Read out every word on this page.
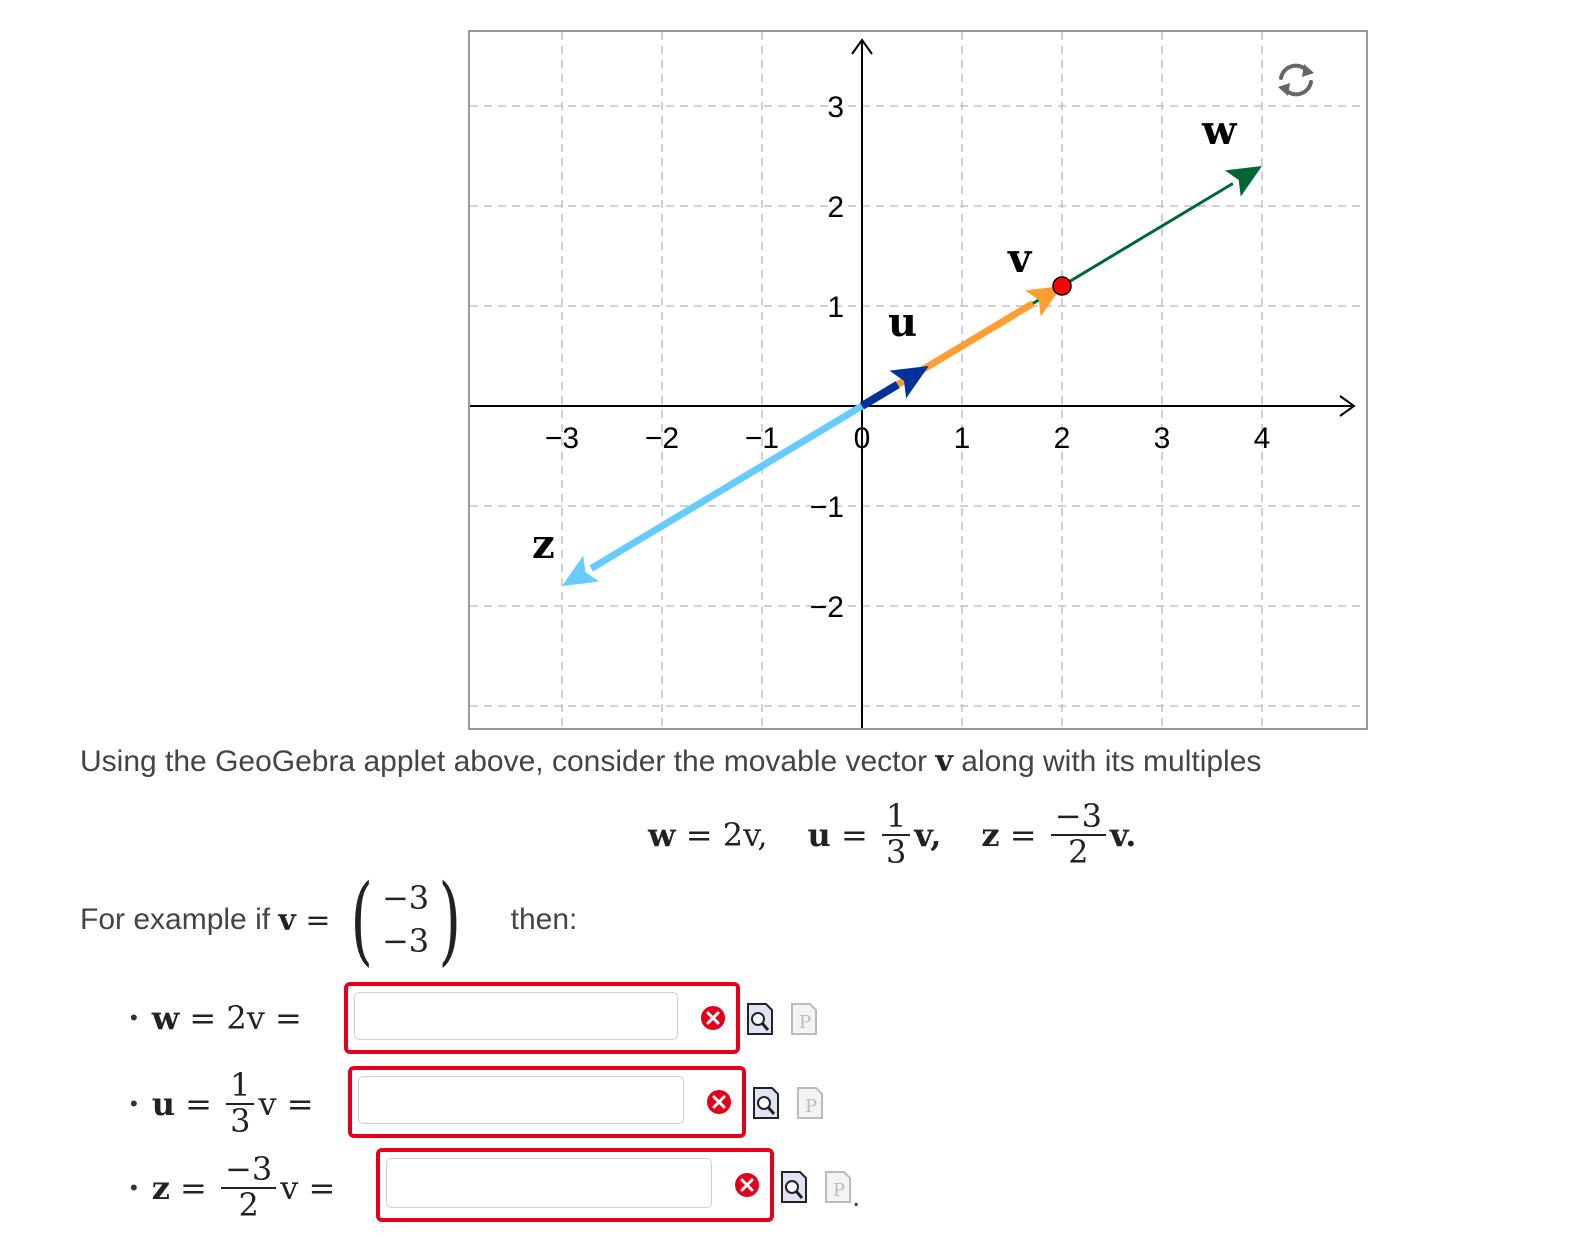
−3 −2 −1 0	1	2	3	4
3
2
1
−1
−2
w
v
u
z
Using the GeoGebra applet above, consider the movable vector v along with its multiples
w = 2v, $u = \frac{1}{3} v$, $z = \frac{-3}{2} v$.
For example if v = ( −3
−3 ) then:
• w = 2v =	P
• $u = \frac{1}{3}$ v =	P
• $z = \frac{-3}{2}$ v =	P .
